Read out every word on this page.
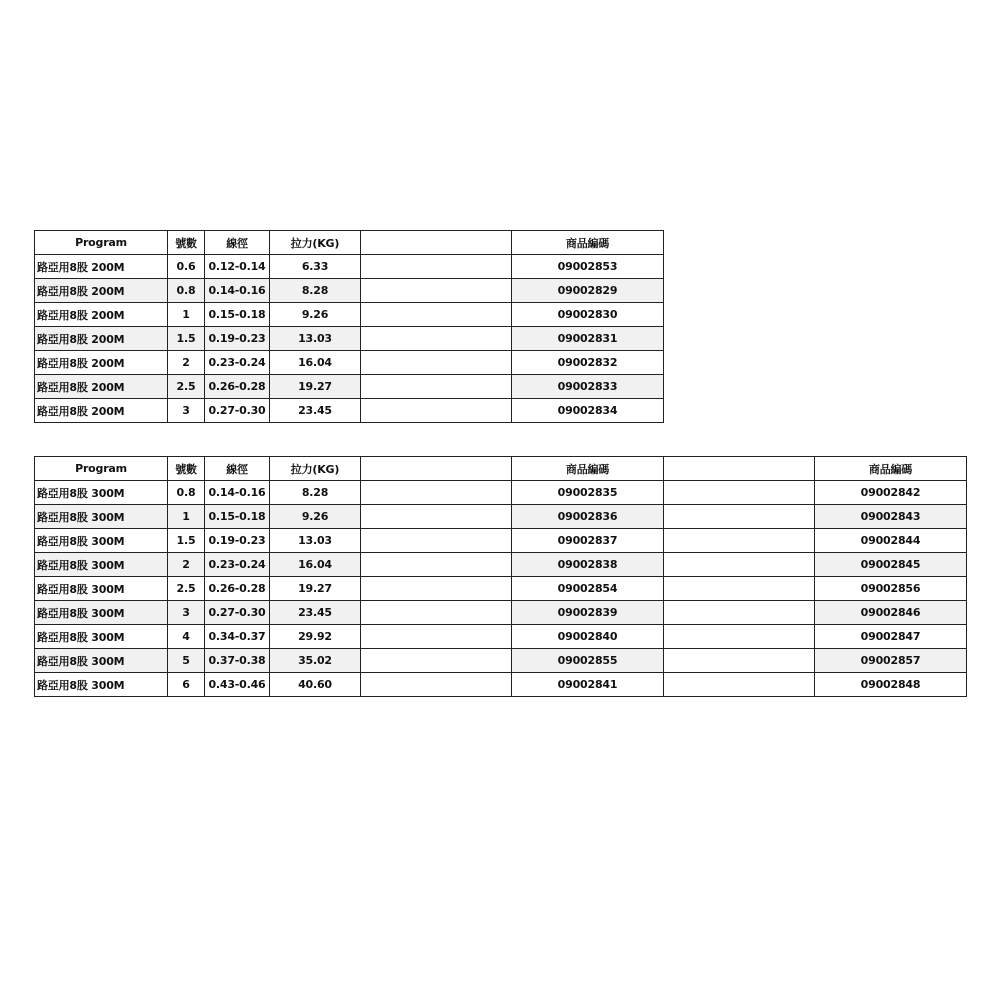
Program	號數	線徑	拉力(KG)		商品編碼
路亞用8股 200M	0.6	0.12-0.14	6.33		09002853
路亞用8股 200M	0.8	0.14-0.16	8.28		09002829
路亞用8股 200M	1	0.15-0.18	9.26		09002830
路亞用8股 200M	1.5	0.19-0.23	13.03		09002831
路亞用8股 200M	2	0.23-0.24	16.04		09002832
路亞用8股 200M	2.5	0.26-0.28	19.27		09002833
路亞用8股 200M	3	0.27-0.30	23.45		09002834
Program	號數	線徑	拉力(KG)		商品編碼		商品編碼
路亞用8股 300M	0.8	0.14-0.16	8.28		09002835		09002842
路亞用8股 300M	1	0.15-0.18	9.26		09002836		09002843
路亞用8股 300M	1.5	0.19-0.23	13.03		09002837		09002844
路亞用8股 300M	2	0.23-0.24	16.04		09002838		09002845
路亞用8股 300M	2.5	0.26-0.28	19.27		09002854		09002856
路亞用8股 300M	3	0.27-0.30	23.45		09002839		09002846
路亞用8股 300M	4	0.34-0.37	29.92		09002840		09002847
路亞用8股 300M	5	0.37-0.38	35.02		09002855		09002857
路亞用8股 300M	6	0.43-0.46	40.60		09002841		09002848
